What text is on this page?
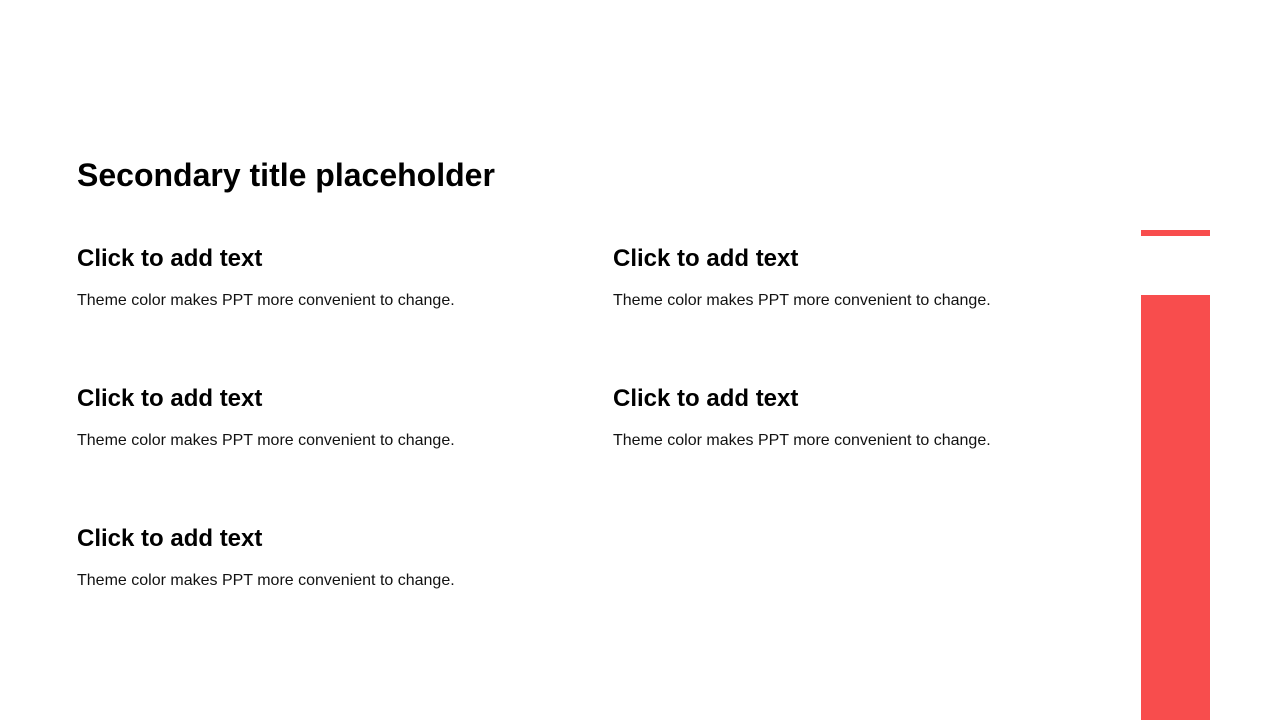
Secondary title placeholder
Click to add text

Theme color makes PPT more convenient to change.

Click to add text

Theme color makes PPT more convenient to change.

Click to add text

Theme color makes PPT more convenient to change.

Click to add text

Theme color makes PPT more convenient to change.

Click to add text

Theme color makes PPT more convenient to change.
